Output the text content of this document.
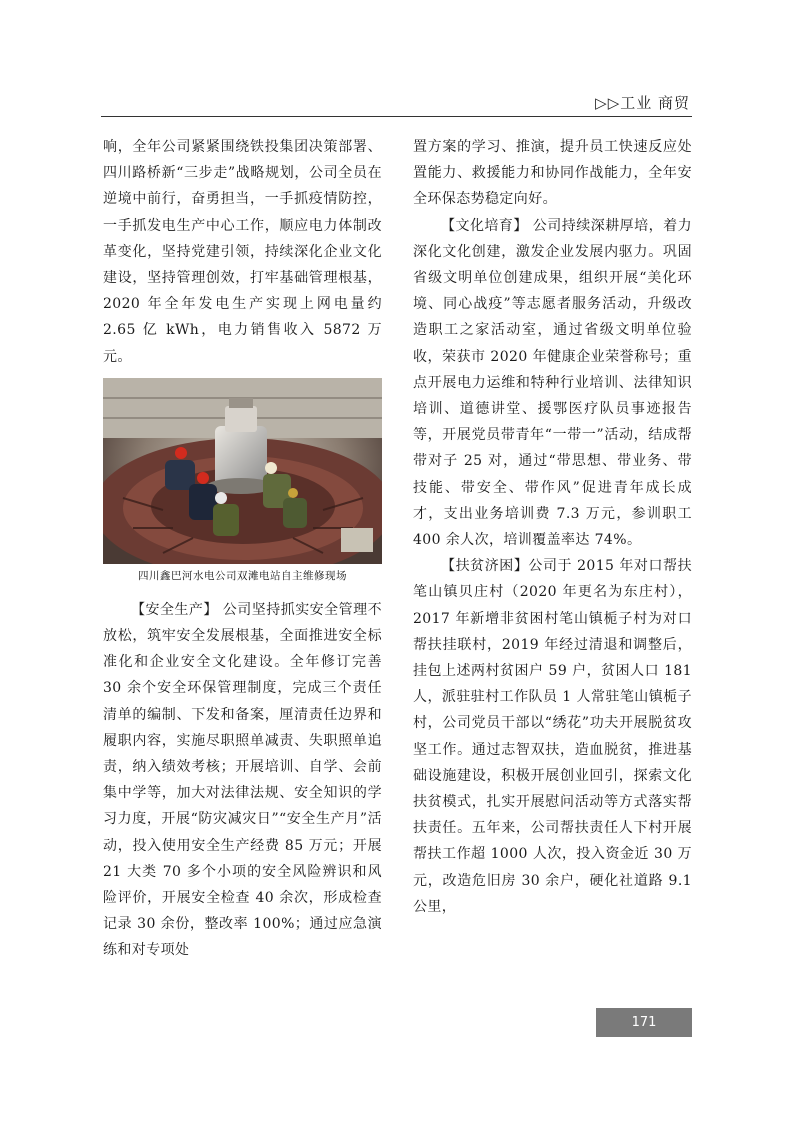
▷▷工业 商贸

响，全年公司紧紧围绕铁投集团决策部署、四川路桥新“三步走”战略规划，公司全员在逆境中前行，奋勇担当，一手抓疫情防控，一手抓发电生产中心工作，顺应电力体制改革变化，坚持党建引领，持续深化企业文化建设，坚持管理创效，打牢基础管理根基，2020 年全年发电生产实现上网电量约 2.65 亿 kWh，电力销售收入 5872 万元。

四川鑫巴河水电公司双滩电站自主维修现场

【安全生产】 公司坚持抓实安全管理不放松，筑牢安全发展根基，全面推进安全标准化和企业安全文化建设。全年修订完善 30 余个安全环保管理制度，完成三个责任清单的编制、下发和备案，厘清责任边界和履职内容，实施尽职照单减责、失职照单追责，纳入绩效考核；开展培训、自学、会前集中学等，加大对法律法规、安全知识的学习力度，开展“防灾减灾日”“安全生产月”活动，投入使用安全生产经费 85 万元；开展 21 大类 70 多个小项的安全风险辨识和风险评价，开展安全检查 40 余次，形成检查记录 30 余份，整改率 100%；通过应急演练和对专项处

置方案的学习、推演，提升员工快速反应处置能力、救援能力和协同作战能力，全年安全环保态势稳定向好。

【文化培育】 公司持续深耕厚培，着力深化文化创建，激发企业发展内驱力。巩固省级文明单位创建成果，组织开展“美化环境、同心战疫”等志愿者服务活动，升级改造职工之家活动室，通过省级文明单位验收，荣获市 2020 年健康企业荣誉称号；重点开展电力运维和特种行业培训、法律知识培训、道德讲堂、援鄂医疗队员事迹报告等，开展党员带青年“一带一”活动，结成帮带对子 25 对，通过“带思想、带业务、带技能、带安全、带作风”促进青年成长成才，支出业务培训费 7.3 万元，参训职工 400 余人次，培训覆盖率达 74%。

【扶贫济困】公司于 2015 年对口帮扶笔山镇贝庄村（2020 年更名为东庄村），2017 年新增非贫困村笔山镇栀子村为对口帮扶挂联村，2019 年经过清退和调整后，挂包上述两村贫困户 59 户，贫困人口 181 人，派驻驻村工作队员 1 人常驻笔山镇栀子村，公司党员干部以“绣花”功夫开展脱贫攻坚工作。通过志智双扶，造血脱贫，推进基础设施建设，积极开展创业回引，探索文化扶贫模式，扎实开展慰问活动等方式落实帮扶责任。五年来，公司帮扶责任人下村开展帮扶工作超 1000 人次，投入资金近 30 万元，改造危旧房 30 余户，硬化社道路 9.1 公里，

171
